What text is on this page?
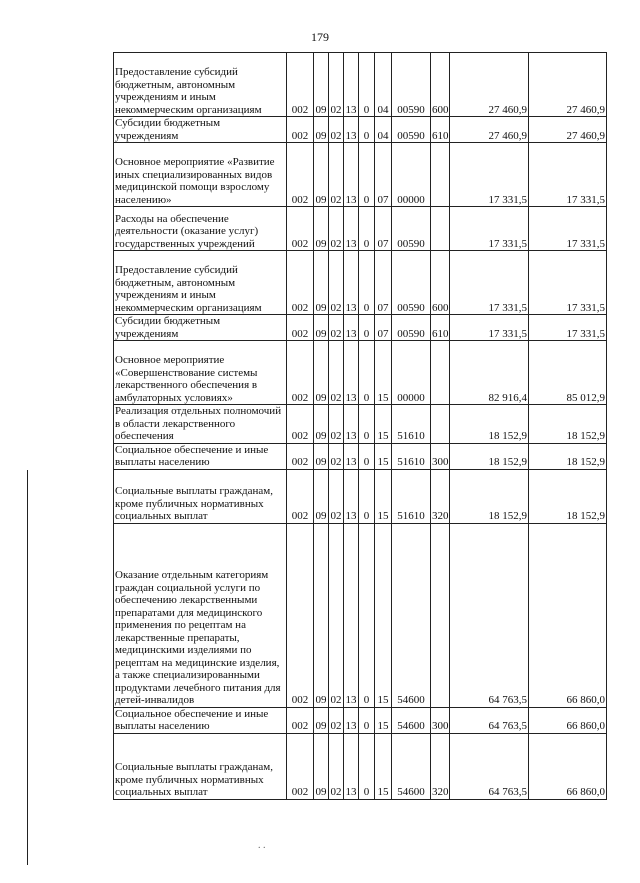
179
. .
Предоставление субсидий бюджетным, автономным учреждениям и иным некоммерческим организациям	002	09	02	13	0	04	00590	600	27 460,9	27 460,9
Субсидии бюджетным учреждениям	002	09	02	13	0	04	00590	610	27 460,9	27 460,9
Основное мероприятие «Развитие иных специализированных видов медицинской помощи взрослому населению»	002	09	02	13	0	07	00000		17 331,5	17 331,5
Расходы на обеспечение деятельности (оказание услуг) государственных учреждений	002	09	02	13	0	07	00590		17 331,5	17 331,5
Предоставление субсидий бюджетным, автономным учреждениям и иным некоммерческим организациям	002	09	02	13	0	07	00590	600	17 331,5	17 331,5
Субсидии бюджетным учреждениям	002	09	02	13	0	07	00590	610	17 331,5	17 331,5
Основное мероприятие «Совершенствование системы лекарственного обеспечения в амбулаторных условиях»	002	09	02	13	0	15	00000		82 916,4	85 012,9
Реализация отдельных полномочий в области лекарственного обеспечения	002	09	02	13	0	15	51610		18 152,9	18 152,9
Социальное обеспечение и иные выплаты населению	002	09	02	13	0	15	51610	300	18 152,9	18 152,9
Социальные выплаты гражданам, кроме публичных нормативных социальных выплат	002	09	02	13	0	15	51610	320	18 152,9	18 152,9
Оказание отдельным категориям граждан социальной услуги по обеспечению лекарственными препаратами для медицинского применения по рецептам на лекарственные препараты, медицинскими изделиями по рецептам на медицинские изделия, а также специализированными продуктами лечебного питания для детей-инвалидов	002	09	02	13	0	15	54600		64 763,5	66 860,0
Социальное обеспечение и иные выплаты населению	002	09	02	13	0	15	54600	300	64 763,5	66 860,0
Социальные выплаты гражданам, кроме публичных нормативных социальных выплат	002	09	02	13	0	15	54600	320	64 763,5	66 860,0
